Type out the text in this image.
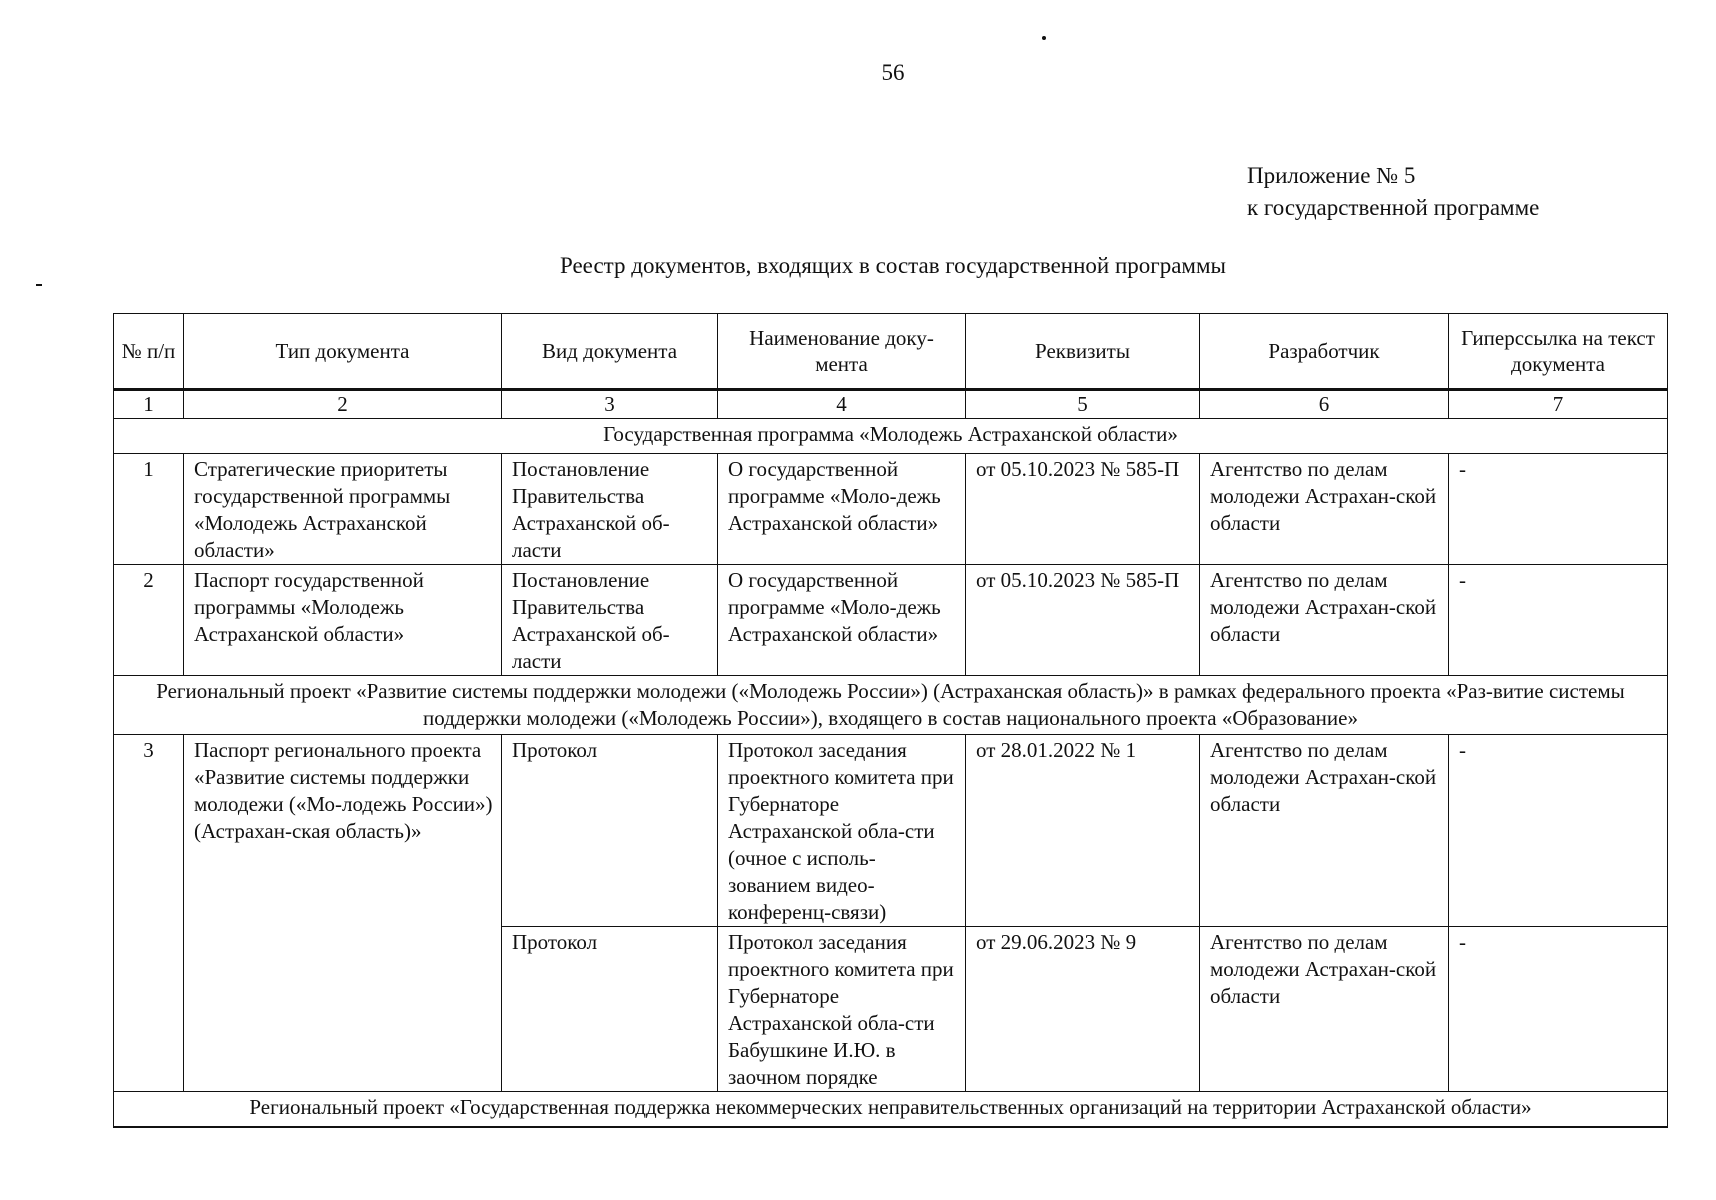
56
Приложение № 5
к государственной программе
Реестр документов, входящих в состав государственной программы
№ п/п	Тип документа	Вид документа	Наименование доку-мента	Реквизиты	Разработчик	Гиперссылка на текст документа
1	2	3	4	5	6	7
Государственная программа «Молодежь Астраханской области»						
1	Стратегические приоритеты государственной программы «Молодежь Астраханской области»	Постановление Правительства Астраханской об-ласти	О государственной программе «Моло-дежь Астраханской области»	от 05.10.2023 № 585-П	Агентство по делам молодежи Астрахан-ской области	-
2	Паспорт государственной программы «Молодежь Астраханской области»	Постановление Правительства Астраханской об-ласти	О государственной программе «Моло-дежь Астраханской области»	от 05.10.2023 № 585-П	Агентство по делам молодежи Астрахан-ской области	-
Региональный проект «Развитие системы поддержки молодежи («Молодежь России») (Астраханская область)» в рамках федерального проекта «Раз-витие системы поддержки молодежи («Молодежь России»), входящего в состав национального проекта «Образование»						
3	Паспорт регионального проекта «Развитие системы поддержки молодежи («Мо-лодежь России») (Астрахан-ская область)»	Протокол	Протокол заседания проектного комитета при Губернаторе Астраханской обла-сти (очное с исполь-зованием видео-конференц-связи)	от 28.01.2022 № 1	Агентство по делам молодежи Астрахан-ской области	-
		Протокол	Протокол заседания проектного комитета при Губернаторе Астраханской обла-сти Бабушкине И.Ю. в заочном порядке	от 29.06.2023 № 9	Агентство по делам молодежи Астрахан-ской области	-
Региональный проект «Государственная поддержка некоммерческих неправительственных организаций на территории Астраханской области»						
